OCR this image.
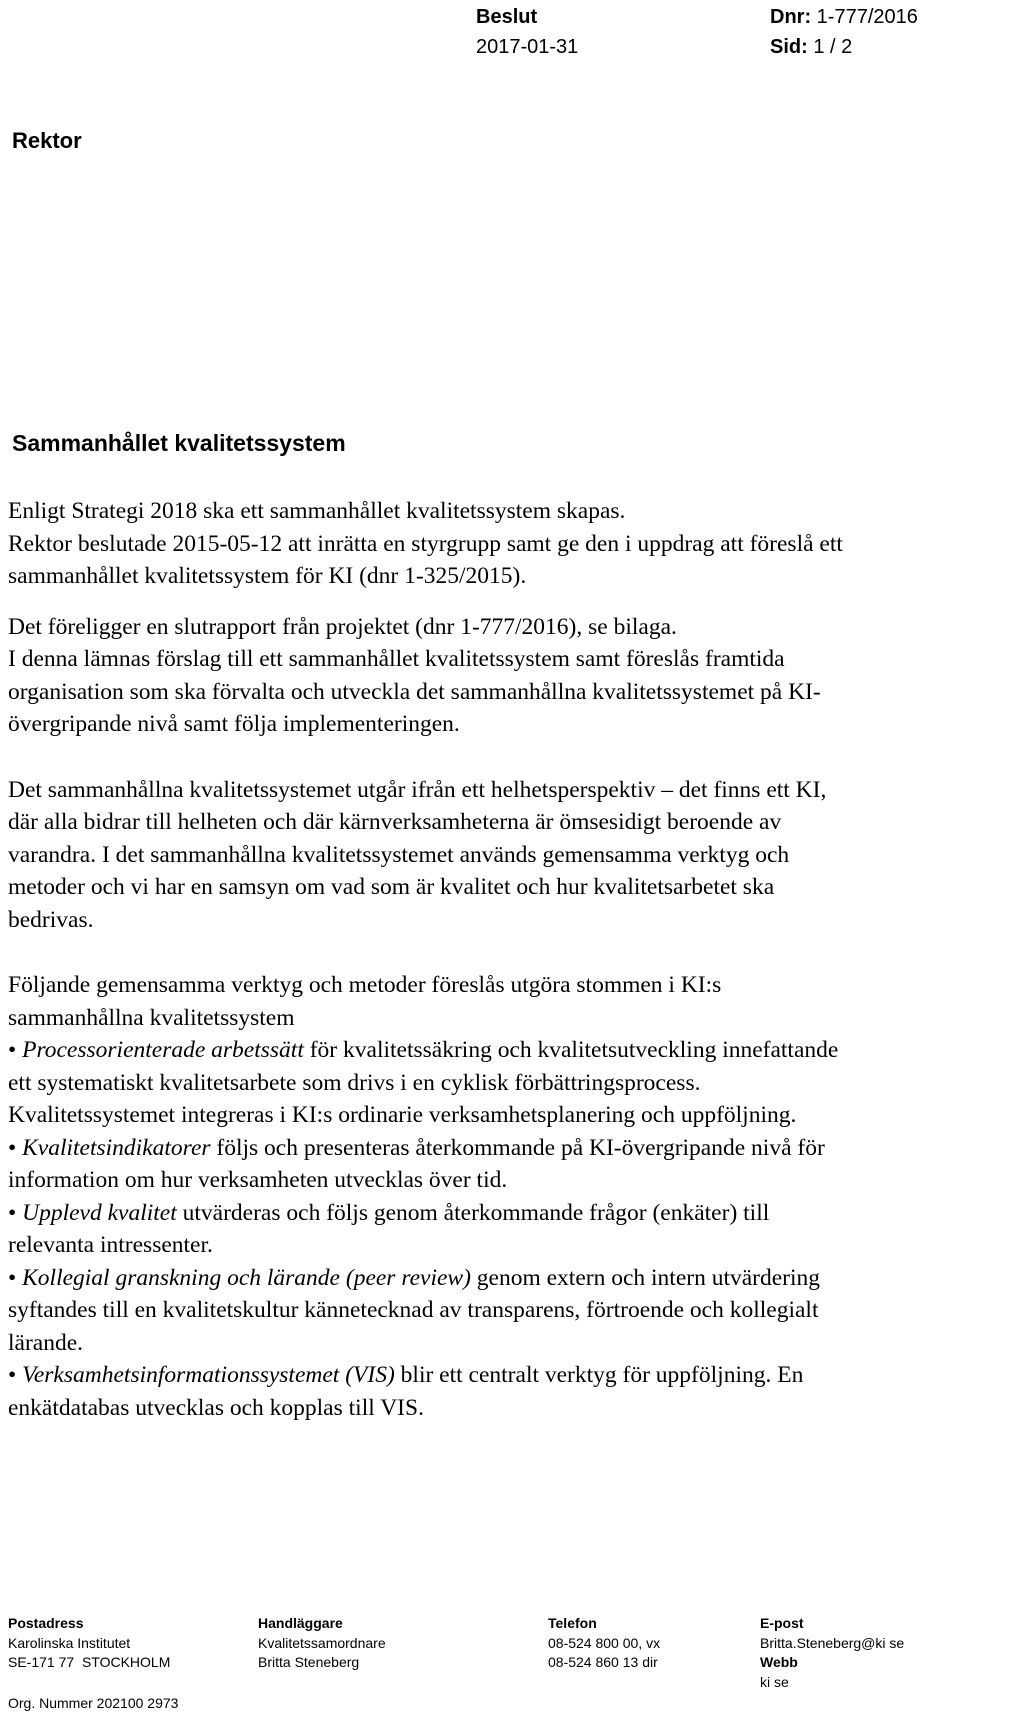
Beslut
2017-01-31
Dnr: 1-777/2016
Sid: 1 / 2
Rektor
Sammanhållet kvalitetssystem

Enligt Strategi 2018 ska ett sammanhållet kvalitetssystem skapas.
Rektor beslutade 2015-05-12 att inrätta en styrgrupp samt ge den i uppdrag att föreslå ett
sammanhållet kvalitetssystem för KI (dnr 1-325/2015).

Det föreligger en slutrapport från projektet (dnr 1-777/2016), se bilaga.
I denna lämnas förslag till ett sammanhållet kvalitetssystem samt föreslås framtida
organisation som ska förvalta och utveckla det sammanhållna kvalitetssystemet på KI-
övergripande nivå samt följa implementeringen.

Det sammanhållna kvalitetssystemet utgår ifrån ett helhetsperspektiv – det finns ett KI,
där alla bidrar till helheten och där kärnverksamheterna är ömsesidigt beroende av
varandra. I det sammanhållna kvalitetssystemet används gemensamma verktyg och
metoder och vi har en samsyn om vad som är kvalitet och hur kvalitetsarbetet ska
bedrivas.

Följande gemensamma verktyg och metoder föreslås utgöra stommen i KI:s
sammanhållna kvalitetssystem
• Processorienterade arbetssätt för kvalitetssäkring och kvalitetsutveckling innefattande
ett systematiskt kvalitetsarbete som drivs i en cyklisk förbättringsprocess.
Kvalitetssystemet integreras i KI:s ordinarie verksamhetsplanering och uppföljning.
• Kvalitetsindikatorer följs och presenteras återkommande på KI-övergripande nivå för
information om hur verksamheten utvecklas över tid.
• Upplevd kvalitet utvärderas och följs genom återkommande frågor (enkäter) till
relevanta intressenter.
• Kollegial granskning och lärande (peer review) genom extern och intern utvärdering
syftandes till en kvalitetskultur kännetecknad av transparens, förtroende och kollegialt
lärande.
• Verksamhetsinformationssystemet (VIS) blir ett centralt verktyg för uppföljning. En
enkätdatabas utvecklas och kopplas till VIS.

Postadress
Karolinska Institutet
SE-171 77  STOCKHOLM
Handläggare
Kvalitetssamordnare
Britta Steneberg
Telefon
08-524 800 00, vx
08-524 860 13 dir
E-post
Britta.Steneberg@ki se
Webb
ki se
Org. Nummer 202100 2973
